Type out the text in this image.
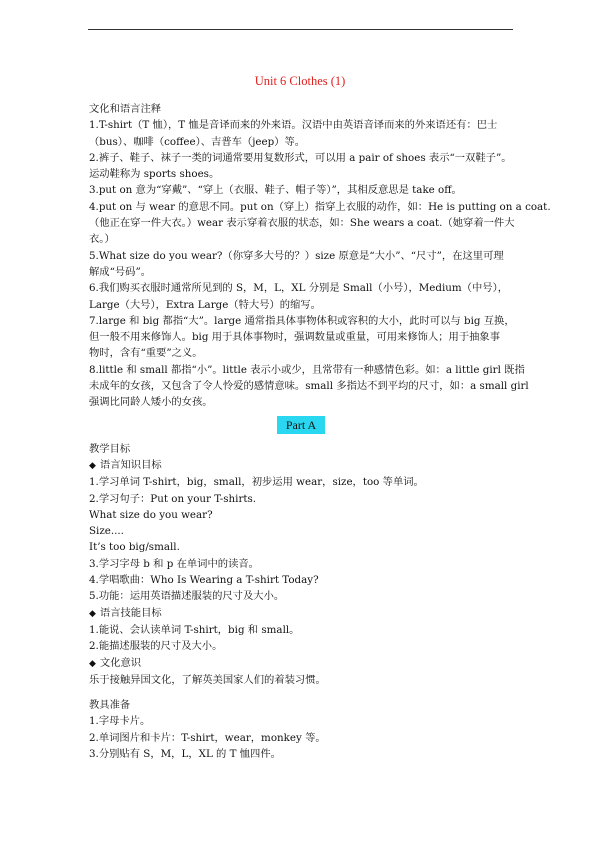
Unit 6 Clothes (1)

文化和语言注释

1.T-shirt（T 恤），T 恤是音译而来的外来语。汉语中由英语音译而来的外来语还有：巴士

（bus）、咖啡（coffee）、吉普车（jeep）等。

2.裤子、鞋子、袜子一类的词通常要用复数形式，可以用 a pair of shoes 表示“一双鞋子”。

运动鞋称为 sports shoes。

3.put on 意为“穿戴”、“穿上（衣服、鞋子、帽子等）”，其相反意思是 take off。

4.put on 与 wear 的意思不同。put on（穿上）指穿上衣服的动作，如：He is putting on a coat.

（他正在穿一件大衣。）wear 表示穿着衣服的状态，如：She wears a coat.（她穿着一件大

衣。）

5.What size do you wear?（你穿多大号的？）size 原意是“大小”、“尺寸”，在这里可理

解成“号码”。

6.我们购买衣服时通常所见到的 S，M，L，XL 分别是 Small（小号），Medium（中号），

Large（大号），Extra Large（特大号）的缩写。

7.large 和 big 都指“大”。large 通常指具体事物体积或容积的大小，此时可以与 big 互换，

但一般不用来修饰人。big 用于具体事物时，强调数量或重量，可用来修饰人；用于抽象事

物时，含有“重要”之义。

8.little 和 small 都指“小”。little 表示小或少，且常带有一种感情色彩。如：a little girl 既指

未成年的女孩，又包含了令人怜爱的感情意味。small 多指达不到平均的尺寸，如：a small girl

强调比同龄人矮小的女孩。

Part A

教学目标

◆ 语言知识目标

1.学习单词 T-shirt，big，small，初步运用 wear，size，too 等单词。

2.学习句子：Put on your T-shirts.

What size do you wear?

Size....

It’s too big/small.

3.学习字母 b 和 p 在单词中的读音。

4.学唱歌曲：Who Is Wearing a T-shirt Today?

5.功能：运用英语描述服装的尺寸及大小。

◆ 语言技能目标

1.能说、会认读单词 T-shirt，big 和 small。

2.能描述服装的尺寸及大小。

◆ 文化意识

乐于接触异国文化，了解英美国家人们的着装习惯。

教具准备

1.字母卡片。

2.单词图片和卡片：T-shirt，wear，monkey 等。

3.分别贴有 S，M，L，XL 的 T 恤四件。
